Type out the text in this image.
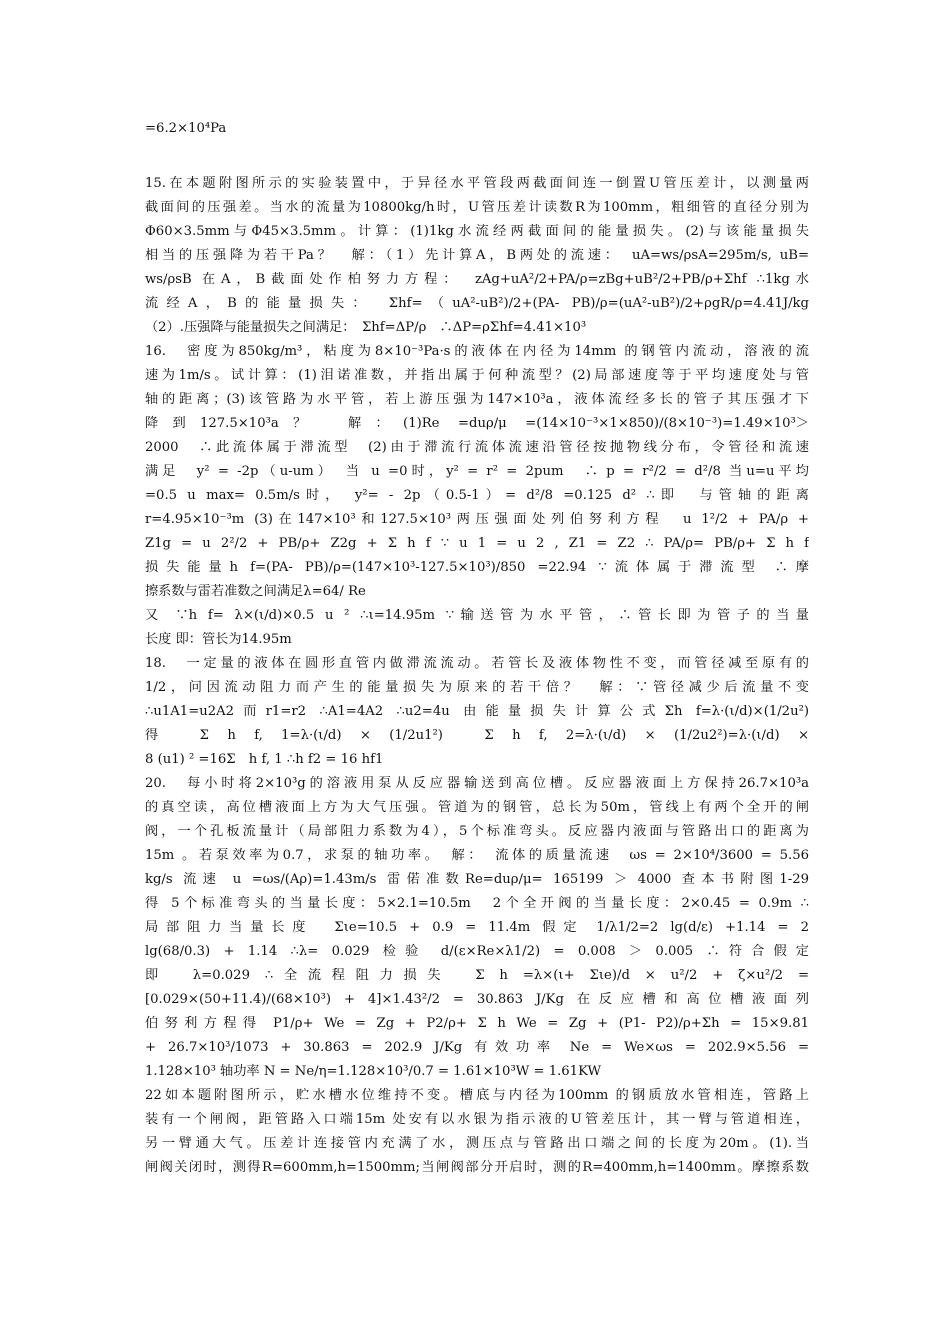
=6.2×10⁴Pa
15.在本题附图所示的实验装置中，于异径水平管段两截面间连一倒置U管压差计，以测量两
截面间的压强差。当水的流量为10800kg/h时，U管压差计读数R为100mm，粗细管的直径分别为
Φ60×3.5mm与Φ45×3.5mm。计算：(1)1kg水流经两截面间的能量损失。(2)与该能量损失
相当的压强降为若干Pa？　解：（1）先计算A，B两处的流速：　uA=ws/ρsA=295m/s, uB=
ws/ρsB 在A，B截面处作柏努力方程：　zAg+uA²/2+PA/ρ=zBg+uB²/2+PB/ρ+Σhf ∴1kg水
流经A，B的能量损失：　Σhf=（uA²-uB²)/2+(PA- PB)/ρ=(uA²-uB²)/2+ρgR/ρ=4.41J/kg
（2）.压强降与能量损失之间满足：　Σhf=ΔP/ρ　∴ΔP=ρΣhf=4.41×10³
16.　密度为850kg/m³，粘度为8×10⁻³Pa·s的液体在内径为14mm 的钢管内流动，溶液的流
速为1m/s。试计算：(1)泪诺准数，并指出属于何种流型？(2)局部速度等于平均速度处与管
轴的距离；(3)该管路为水平管，若上游压强为147×10³a，液体流经多长的管子其压强才下
降到127.5×10³a？　解：(1)Re =duρ/μ =(14×10⁻³×1×850)/(8×10⁻³)=1.49×10³＞
2000　∴此流体属于滞流型　(2)由于滞流行流体流速沿管径按抛物线分布，令管径和流速
满足　y² = -2p（u-um）　当 u =0时，y² = r² = 2pum　∴ p = r²/2 = d²/8 当u=u平均
=0.5 u max= 0.5m/s时， y²= - 2p（0.5-1）= d²/8 =0.125 d² ∴即　与管轴的距离
r=4.95×10⁻³m (3)在147×10³和127.5×10³两压强面处列伯努利方程　u 1²/2 + PA/ρ +
Z1g = u 2²/2 + PB/ρ+ Z2g + Σ h f ∵ u 1 = u 2 , Z1 = Z2 ∴ PA/ρ= PB/ρ+ Σ h f
损失能量h f=(PA- PB)/ρ=(147×10³-127.5×10³)/850 =22.94 ∵流体属于滞流型 ∴摩
擦系数与雷若准数之间满足λ=64/ Re
又 ∵h f= λ×(ι/d)×0.5 u ² ∴ι=14.95m ∵输送管为水平管，∴管长即为管子的当量
长度 即：管长为14.95m
18.　一定量的液体在圆形直管内做滞流流动。若管长及液体物性不变，而管径减至原有的
1/2，问因流动阻力而产生的能量损失为原来的若干倍？　解：∵管径减少后流量不变
∴u1A1=u2A2而r1=r2 ∴A1=4A2 ∴u2=4u 由能量损失计算公式Σh f=λ·(ι/d)×(1/2u²)
得　Σ h f, 1=λ·(ι/d) × (1/2u1²)　Σ h f, 2=λ·(ι/d) × (1/2u2²)=λ·(ι/d) ×
8 (u1) ² =16Σ　h f, 1 ∴h f2 = 16 hf1
20.　每小时将2×10³g的溶液用泵从反应器输送到高位槽。反应器液面上方保持26.7×10³a
的真空读，高位槽液面上方为大气压强。管道为的钢管，总长为50m，管线上有两个全开的闸
阀，一个孔板流量计（局部阻力系数为4），5个标准弯头。反应器内液面与管路出口的距离为
15m 。若泵效率为0.7，求泵的轴功率。　解：　流体的质量流速　ωs = 2×10⁴/3600 = 5.56
kg/s 流速 u =ωs/(Aρ)=1.43m/s 雷偌准数Re=duρ/μ= 165199 ＞ 4000 查本书附图1-29
得 5个标准弯头的当量长度：5×2.1=10.5m　2个全开阀的当量长度：2×0.45 = 0.9m ∴
局部阻力当量长度　Σιe=10.5 + 0.9 = 11.4m 假定 1/λ1/2=2 lg(d/ε) +1.14 = 2
lg(68/0.3) + 1.14 ∴λ= 0.029 检验 d/(ε×Re×λ1/2) = 0.008 ＞ 0.005 ∴符合假定
即　λ=0.029 ∴全流程阻力损失　Σ h =λ×(ι+ Σιe)/d × u²/2 + ζ×u²/2 =
[0.029×(50+11.4)/(68×10³) + 4]×1.43²/2 = 30.863 J/Kg 在反应槽和高位槽液面列
伯努利方程得 P1/ρ+ We = Zg + P2/ρ+ Σ h We = Zg + (P1- P2)/ρ+Σh = 15×9.81
+ 26.7×10³/1073 + 30.863 = 202.9 J/Kg 有效功率 Ne = We×ωs = 202.9×5.56 =
1.128×10³ 轴功率 N = Ne/η=1.128×10³/0.7 = 1.61×10³W = 1.61KW
22如本题附图所示，贮水槽水位维持不变。槽底与内径为100mm 的钢质放水管相连，管路上
装有一个闸阀，距管路入口端15m 处安有以水银为指示液的U管差压计，其一臂与管道相连，
另一臂通大气。压差计连接管内充满了水，测压点与管路出口端之间的长度为20m。(1).当
闸阀关闭时，测得R=600mm,h=1500mm;当闸阀部分开启时，测的R=400mm,h=1400mm。摩擦系数
